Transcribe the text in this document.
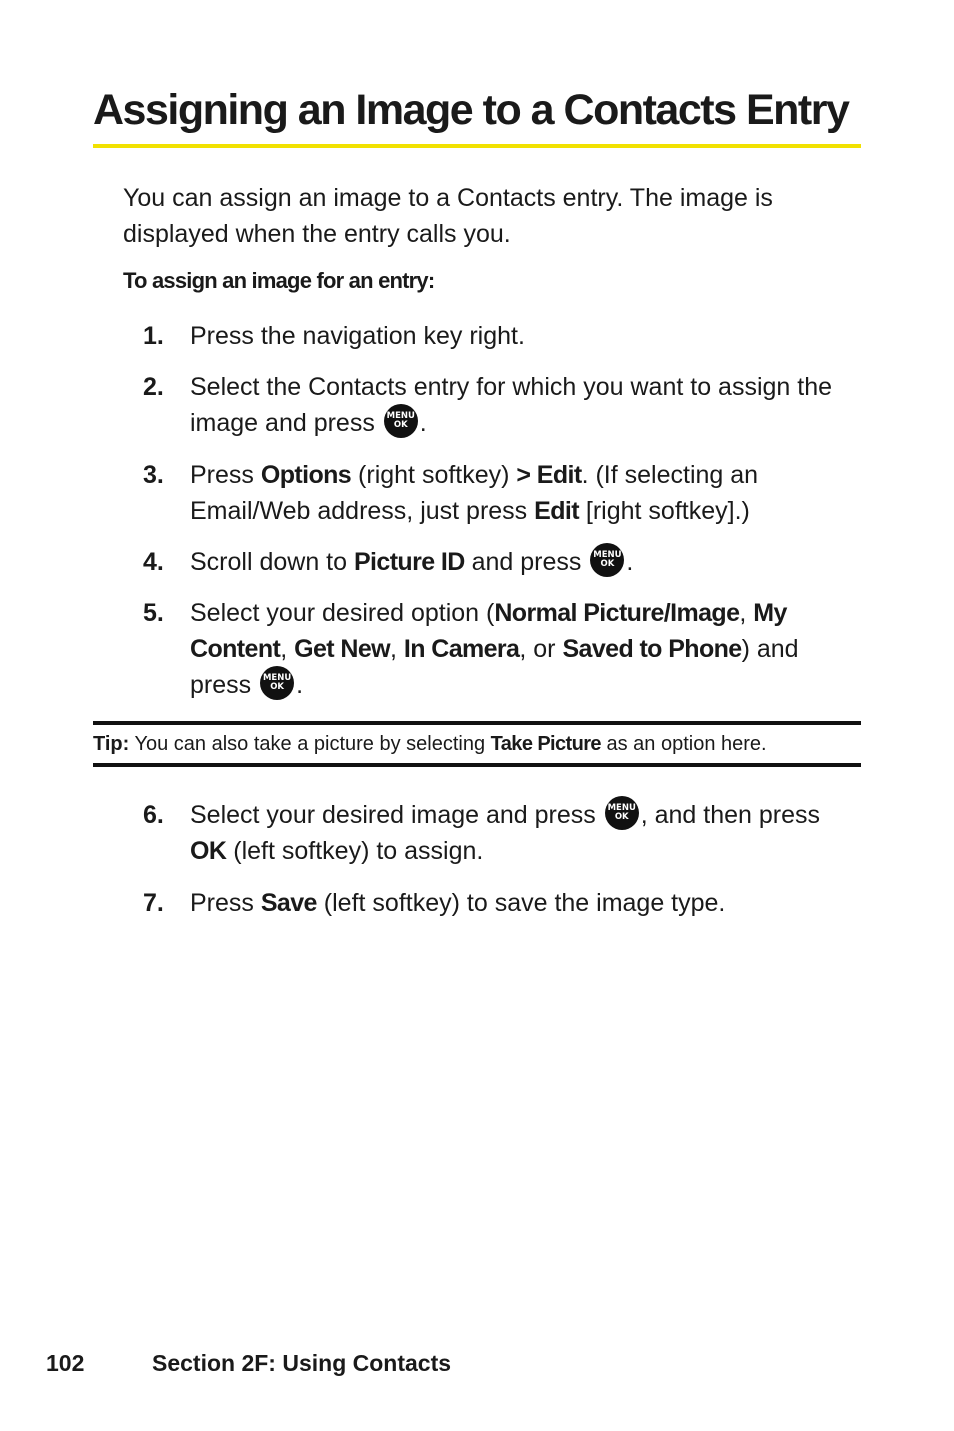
Assigning an Image to a Contacts Entry

You can assign an image to a Contacts entry. The image is displayed when the entry calls you.

To assign an image for an entry:

1. Press the navigation key right.
2. Select the Contacts entry for which you want to assign the image and press	MENU
OK .
3. Press Options (right softkey) > Edit. (If selecting an Email/Web address, just press Edit [right softkey].)
4. Scroll down to Picture ID and press	MENU
OK .
5. Select your desired option (Normal Picture/Image, My Content, Get New, In Camera, or Saved to Phone) and press	MENU
OK .
Tip: You can also take a picture by selecting Take Picture as an option here.
6. Select your desired image and press	MENU
OK , and then press OK (left softkey) to assign.
7. Press Save (left softkey) to save the image type.
102	Section 2F: Using Contacts
